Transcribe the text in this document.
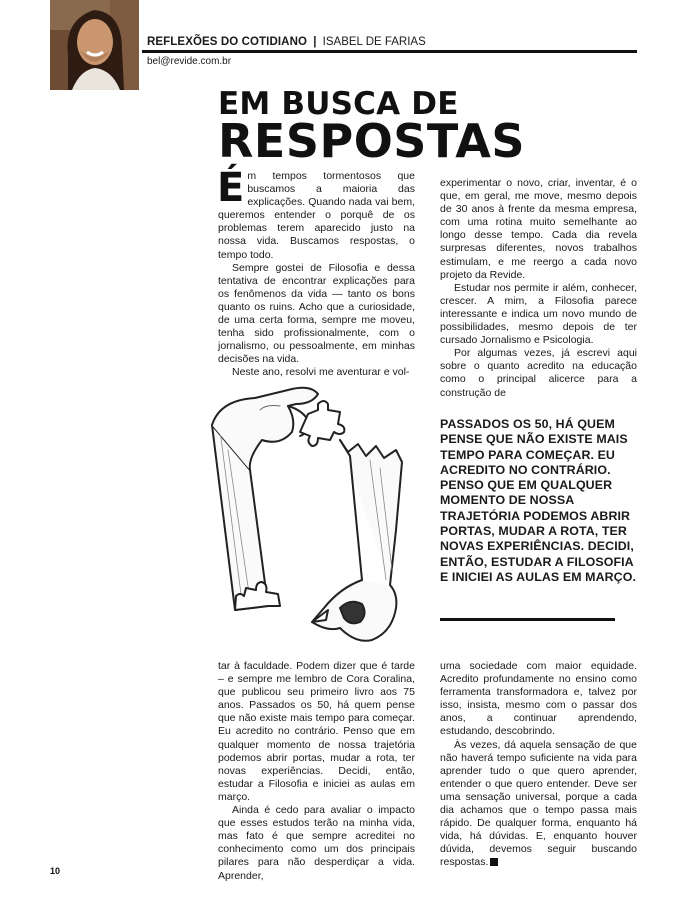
REFLEXÕES DO COTIDIANO | ISABEL DE FARIAS
bel@revide.com.br
EM BUSCA DE
RESPOSTAS

Ém tempos tormentosos que buscamos a maioria das explicações. Quando nada vai bem, queremos entender o porquê de os problemas terem aparecido justo na nossa vida. Buscamos respostas, o tempo todo.

Sempre gostei de Filosofia e dessa tentativa de encontrar explicações para os fenômenos da vida — tanto os bons quanto os ruins. Acho que a curiosidade, de uma certa forma, sempre me moveu, tenha sido profissionalmente, com o jornalismo, ou pessoalmente, em minhas decisões na vida.

Neste ano, resolvi me aventurar e vol-

experimentar o novo, criar, inventar, é o que, em geral, me move, mesmo depois de 30 anos à frente da mesma empresa, com uma rotina muito semelhante ao longo desse tempo. Cada dia revela surpresas diferentes, novos trabalhos estimulam, e me reergo a cada novo projeto da Revide.

Estudar nos permite ir além, conhecer, crescer. A mim, a Filosofia parece interessante e indica um novo mundo de possibilidades, mesmo depois de ter cursado Jornalismo e Psicologia.

Por algumas vezes, já escrevi aqui sobre o quanto acredito na educação como o principal alicerce para a construção de

PASSADOS OS 50, HÁ QUEM PENSE QUE NÃO EXISTE MAIS TEMPO PARA COMEÇAR. EU ACREDITO NO CONTRÁRIO. PENSO QUE EM QUALQUER MOMENTO DE NOSSA TRAJETÓRIA PODEMOS ABRIR PORTAS, MUDAR A ROTA, TER NOVAS EXPERIÊNCIAS. DECIDI, ENTÃO, ESTUDAR A FILOSOFIA E INICIEI AS AULAS EM MARÇO.

tar à faculdade. Podem dizer que é tarde – e sempre me lembro de Cora Coralina, que publicou seu primeiro livro aos 75 anos. Passados os 50, há quem pense que não existe mais tempo para começar. Eu acredito no contrário. Penso que em qualquer momento de nossa trajetória podemos abrir portas, mudar a rota, ter novas experiências. Decidi, então, estudar a Filosofia e iniciei as aulas em março.

Ainda é cedo para avaliar o impacto que esses estudos terão na minha vida, mas fato é que sempre acreditei no conhecimento como um dos principais pilares para não desperdiçar a vida. Aprender,

uma sociedade com maior equidade. Acredito profundamente no ensino como ferramenta transformadora e, talvez por isso, insista, mesmo com o passar dos anos, a continuar aprendendo, estudando, descobrindo.

Às vezes, dá aquela sensação de que não haverá tempo suficiente na vida para aprender tudo o que quero aprender, entender o que quero entender. Deve ser uma sensação universal, porque a cada dia achamos que o tempo passa mais rápido. De qualquer forma, enquanto há vida, há dúvidas. E, enquanto houver dúvida, devemos seguir buscando respostas.

10
